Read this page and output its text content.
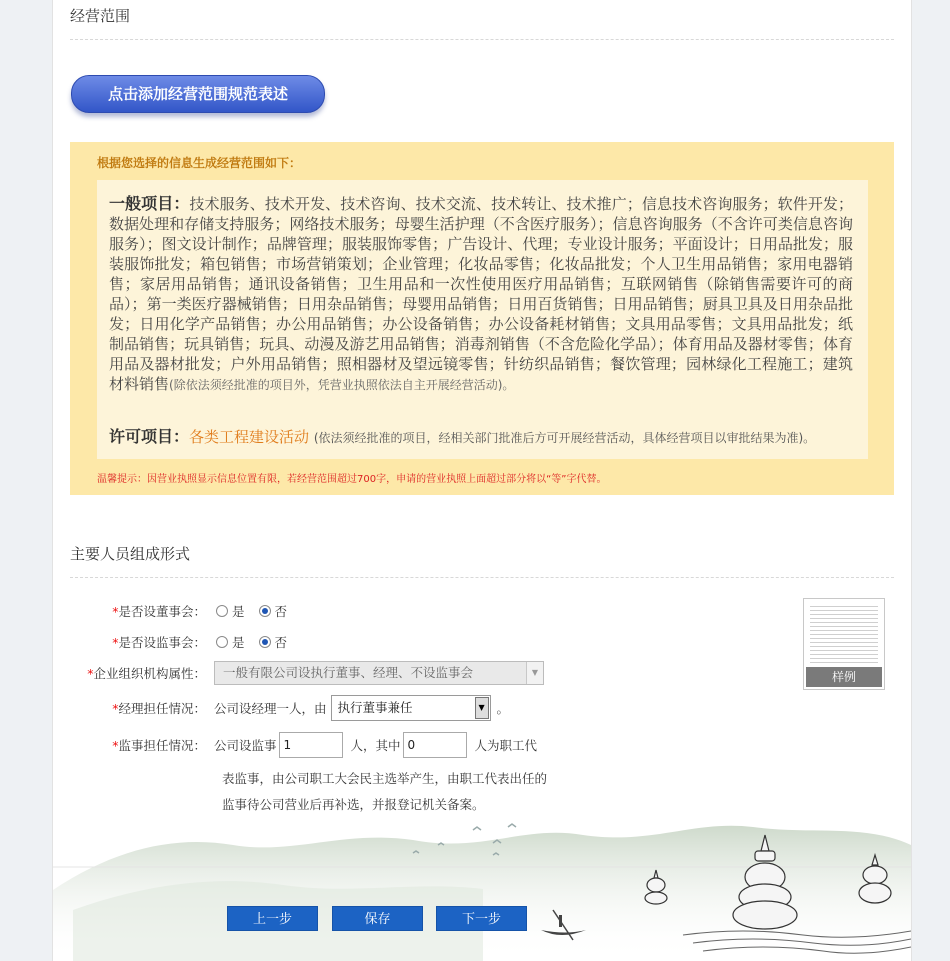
经营范围
点击添加经营范围规范表述
根据您选择的信息生成经营范围如下：
一般项目：技术服务、技术开发、技术咨询、技术交流、技术转让、技术推广；信息技术咨询服务；软件开发；数据处理和存储支持服务；网络技术服务；母婴生活护理（不含医疗服务）；信息咨询服务（不含许可类信息咨询服务）；图文设计制作；品牌管理；服装服饰零售；广告设计、代理；专业设计服务；平面设计；日用品批发；服装服饰批发；箱包销售；市场营销策划；企业管理；化妆品零售；化妆品批发；个人卫生用品销售；家用电器销售；家居用品销售；通讯设备销售；卫生用品和一次性使用医疗用品销售；互联网销售（除销售需要许可的商品）；第一类医疗器械销售；日用杂品销售；母婴用品销售；日用百货销售；日用品销售；厨具卫具及日用杂品批发；日用化学产品销售；办公用品销售；办公设备销售；办公设备耗材销售；文具用品零售；文具用品批发；纸制品销售；玩具销售；玩具、动漫及游艺用品销售；消毒剂销售（不含危险化学品）；体育用品及器材零售；体育用品及器材批发；户外用品销售；照相器材及望远镜零售；针纺织品销售；餐饮管理；园林绿化工程施工；建筑材料销售(除依法须经批准的项目外，凭营业执照依法自主开展经营活动)。
许可项目：各类工程建设活动 (依法须经批准的项目，经相关部门批准后方可开展经营活动，具体经营项目以审批结果为准)。
温馨提示：因营业执照显示信息位置有限，若经营范围超过700字，申请的营业执照上面超过部分将以“等”字代替。
主要人员组成形式
*是否设董事会：	是 否
*是否设监事会：	是 否
*企业组织机构属性：	一般有限公司设执行董事、经理、不设监事会	▼
*经理担任情况： 公司设经理一人，由 执行董事兼任	▼ 。
*监事担任情况： 公司设监事 1	人，其中 0	人为职工代
表监事，由公司职工大会民主选举产生，由职工代表出任的
监事待公司营业后再补选，并报登记机关备案。
样例
上一步	保存	下一步
